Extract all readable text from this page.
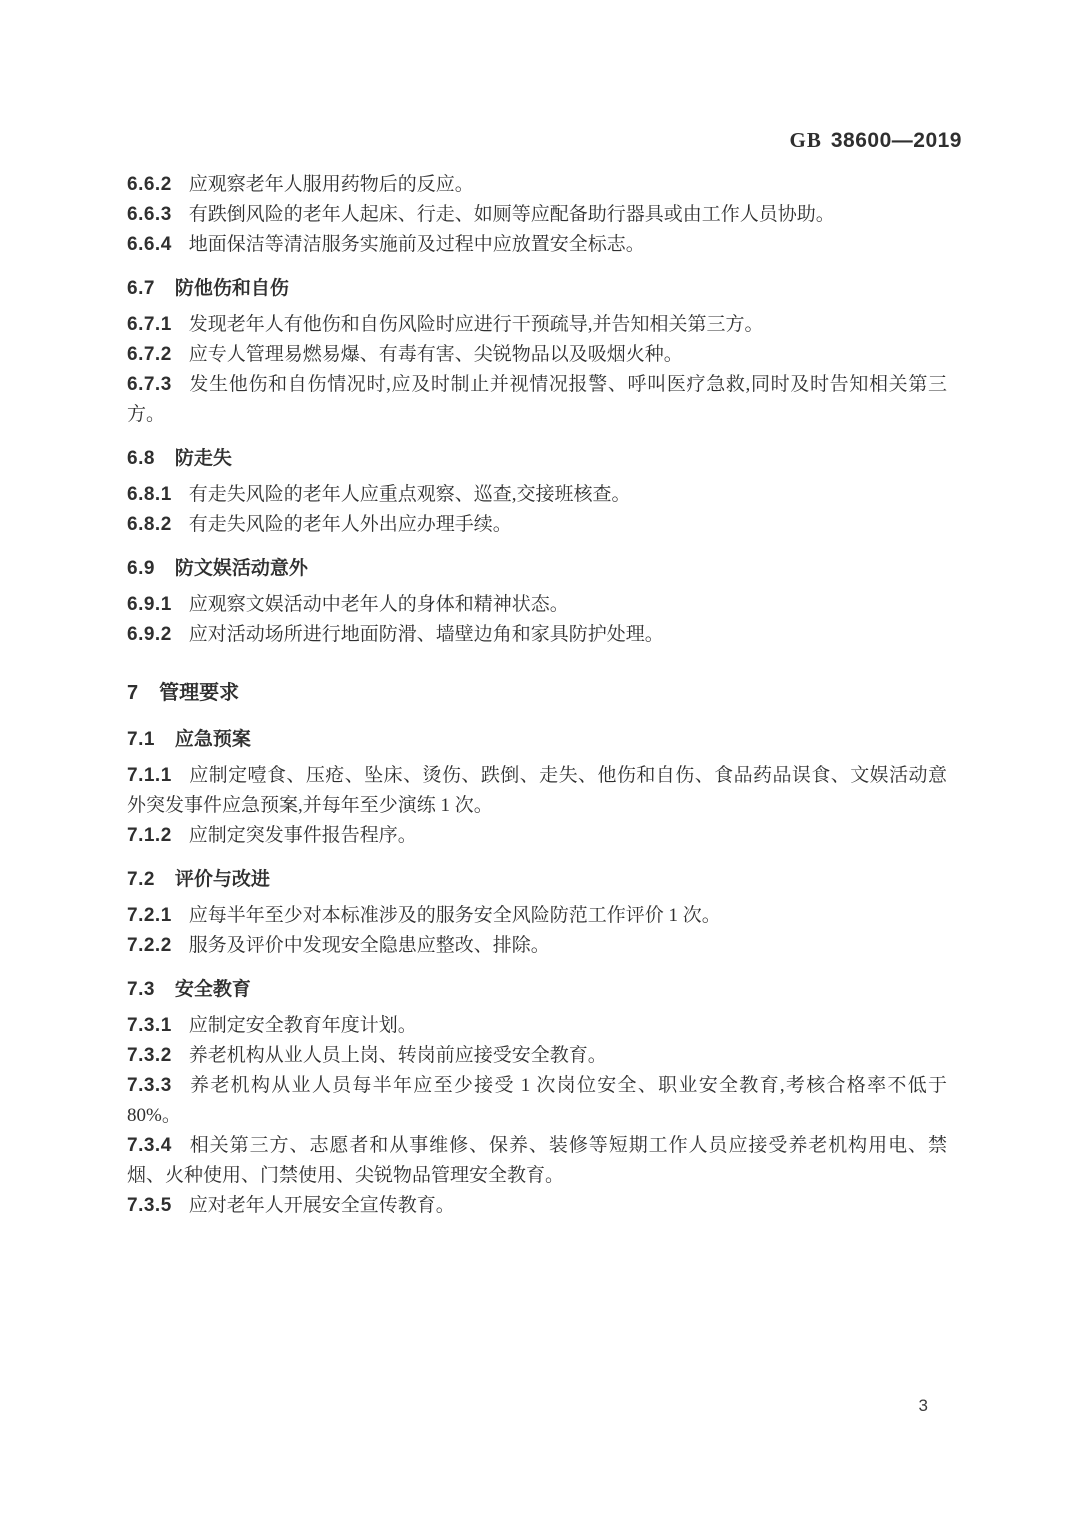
GB 38600—2019

6.6.2 应观察老年人服用药物后的反应。

6.6.3 有跌倒风险的老年人起床、行走、如厕等应配备助行器具或由工作人员协助。

6.6.4 地面保洁等清洁服务实施前及过程中应放置安全标志。

6.7 防他伤和自伤

6.7.1 发现老年人有他伤和自伤风险时应进行干预疏导,并告知相关第三方。

6.7.2 应专人管理易燃易爆、有毒有害、尖锐物品以及吸烟火种。

6.7.3 发生他伤和自伤情况时,应及时制止并视情况报警、呼叫医疗急救,同时及时告知相关第三方。

6.8 防走失

6.8.1 有走失风险的老年人应重点观察、巡查,交接班核查。

6.8.2 有走失风险的老年人外出应办理手续。

6.9 防文娱活动意外

6.9.1 应观察文娱活动中老年人的身体和精神状态。

6.9.2 应对活动场所进行地面防滑、墙壁边角和家具防护处理。

7 管理要求

7.1 应急预案

7.1.1 应制定噎食、压疮、坠床、烫伤、跌倒、走失、他伤和自伤、食品药品误食、文娱活动意外突发事件应急预案,并每年至少演练 1 次。

7.1.2 应制定突发事件报告程序。

7.2 评价与改进

7.2.1 应每半年至少对本标准涉及的服务安全风险防范工作评价 1 次。

7.2.2 服务及评价中发现安全隐患应整改、排除。

7.3 安全教育

7.3.1 应制定安全教育年度计划。

7.3.2 养老机构从业人员上岗、转岗前应接受安全教育。

7.3.3 养老机构从业人员每半年应至少接受 1 次岗位安全、职业安全教育,考核合格率不低于 80%。

7.3.4 相关第三方、志愿者和从事维修、保养、装修等短期工作人员应接受养老机构用电、禁烟、火种使用、门禁使用、尖锐物品管理安全教育。

7.3.5 应对老年人开展安全宣传教育。

3
